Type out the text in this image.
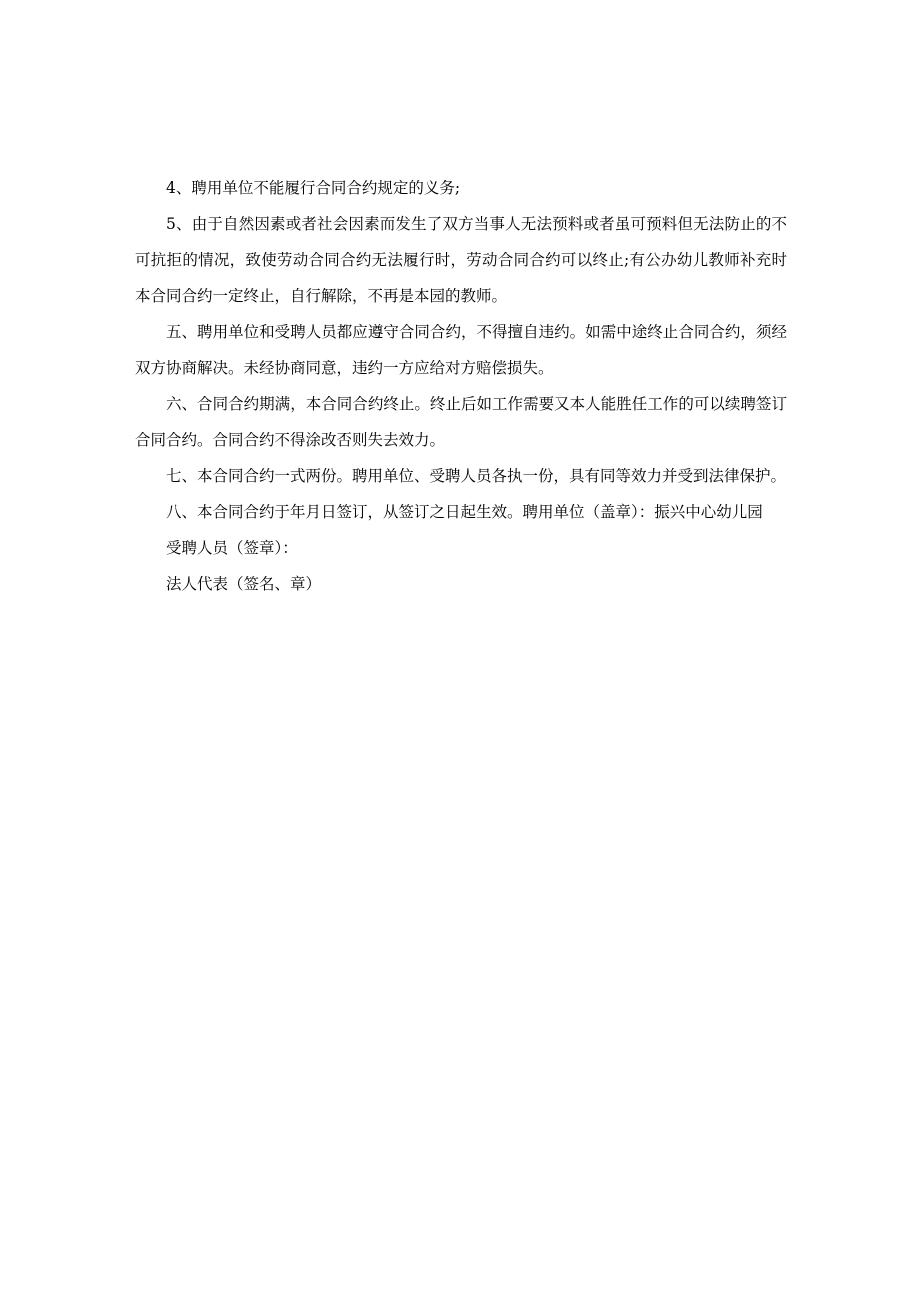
4、聘用单位不能履行合同合约规定的义务;

5、由于自然因素或者社会因素而发生了双方当事人无法预料或者虽可预料但无法防止的不可抗拒的情况，致使劳动合同合约无法履行时，劳动合同合约可以终止;有公办幼儿教师补充时本合同合约一定终止，自行解除，不再是本园的教师。

五、聘用单位和受聘人员都应遵守合同合约，不得擅自违约。如需中途终止合同合约，须经双方协商解决。未经协商同意，违约一方应给对方赔偿损失。

六、合同合约期满，本合同合约终止。终止后如工作需要又本人能胜任工作的可以续聘签订合同合约。合同合约不得涂改否则失去效力。

七、本合同合约一式两份。聘用单位、受聘人员各执一份，具有同等效力并受到法律保护。

八、本合同合约于年月日签订，从签订之日起生效。聘用单位（盖章）：振兴中心幼儿园

受聘人员（签章）：

法人代表（签名、章）
